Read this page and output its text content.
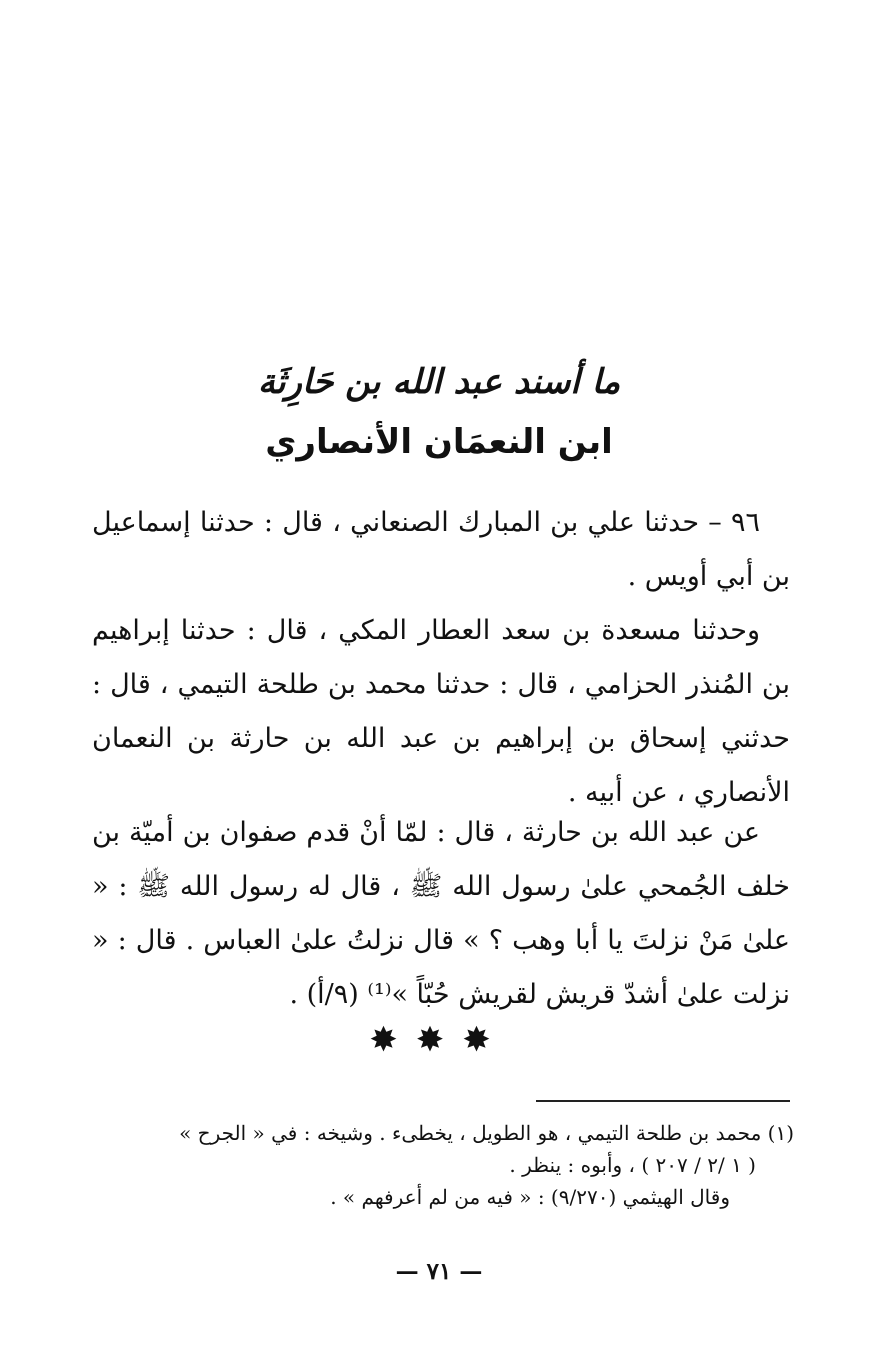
ما أسند عبد الله بن حَارِثَة
ابن النعمَان الأنصاري
٩٦ – حدثنا علي بن المبارك الصنعاني ، قال : حدثنا إسماعيل بن أبي أويس .
وحدثنا مسعدة بن سعد العطار المكي ، قال : حدثنا إبراهيم بن المُنذر الحزامي ، قال : حدثنا محمد بن طلحة التيمي ، قال : حدثني إسحاق بن إبراهيم بن عبد الله بن حارثة بن النعمان الأنصاري ، عن أبيه .
عن عبد الله بن حارثة ، قال : لمّا أنْ قدم صفوان بن أميّة بن خلف الجُمحي علىٰ رسول الله ﷺ ، قال له رسول الله ﷺ : « علىٰ مَنْ نزلتَ يا أبا وهب ؟ » قال نزلتُ علىٰ العباس . قال : « نزلت علىٰ أشدّ قريش لقريش حُبّاً »⁽¹⁾ (٩/أ) .
✸✸✸
(١) محمد بن طلحة التيمي ، هو الطويل ، يخطىء . وشيخه : في « الجرح »
( ١ /٢ / ٢٠٧ ) ، وأبوه : ينظر .
وقال الهيثمي (٩/٢٧٠) : « فيه من لم أعرفهم » .
— ٧١ —
